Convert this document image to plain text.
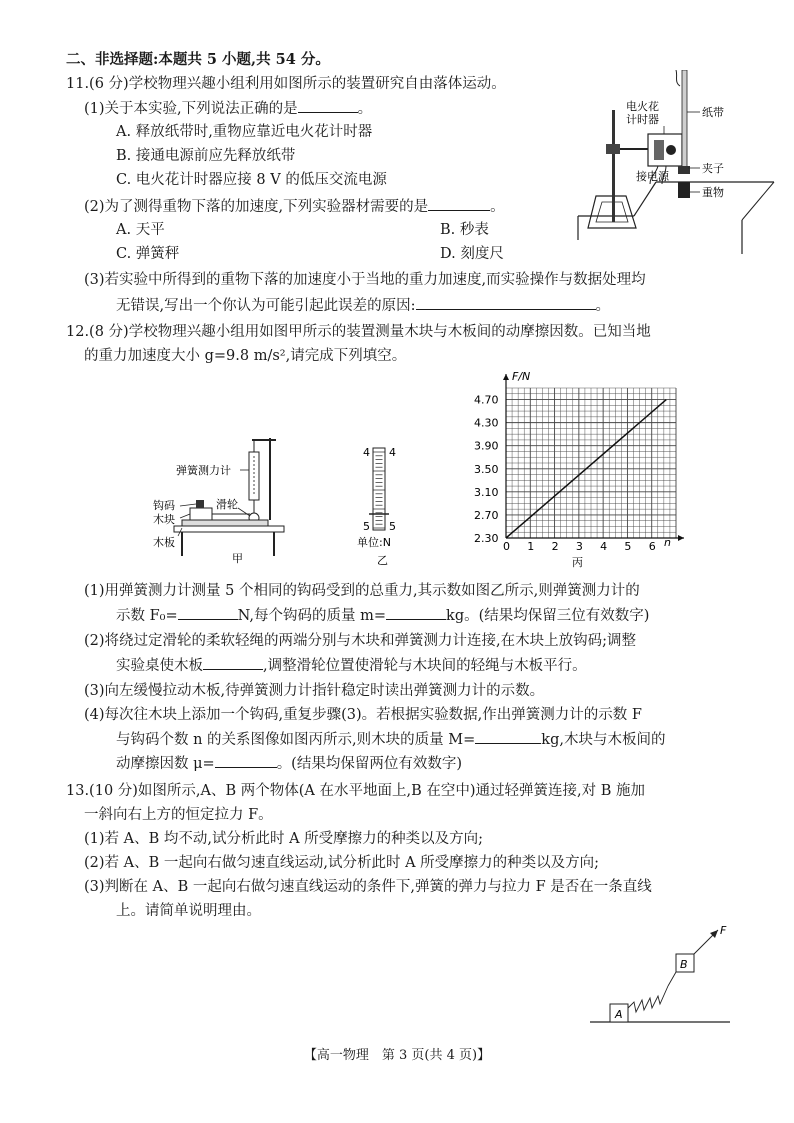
二、非选择题:本题共 5 小题,共 54 分。
11.(6 分)学校物理兴趣小组利用如图所示的装置研究自由落体运动。
(1)关于本实验,下列说法正确的是	。
A. 释放纸带时,重物应靠近电火花计时器
B. 接通电源前应先释放纸带
C. 电火花计时器应接 8 V 的低压交流电源
(2)为了测得重物下落的加速度,下列实验器材需要的是	。
A. 天平	B. 秒表
C. 弹簧秤	D. 刻度尺
(3)若实验中所得到的重物下落的加速度小于当地的重力加速度,而实验操作与数据处理均
无错误,写出一个你认为可能引起此误差的原因:	。
电火花
计时器
纸带
夹子
接电源
重物
12.(8 分)学校物理兴趣小组用如图甲所示的装置测量木块与木板间的动摩擦因数。已知当地
的重力加速度大小 g=9.8 m/s²,请完成下列填空。
弹簧测力计
钩码
木块
滑轮
木板
甲
4 4
5 5
单位:N
乙
0 1 2 3 4 5 6
2.30
2.70
3.10
3.50
3.90
4.30
4.70
F/N
n
丙
(1)用弹簧测力计测量 5 个相同的钩码受到的总重力,其示数如图乙所示,则弹簧测力计的
示数 F₀=	N,每个钩码的质量 m=	kg。(结果均保留三位有效数字)
(2)将绕过定滑轮的柔软轻绳的两端分别与木块和弹簧测力计连接,在木块上放钩码;调整
实验桌使木板	,调整滑轮位置使滑轮与木块间的轻绳与木板平行。
(3)向左缓慢拉动木板,待弹簧测力计指针稳定时读出弹簧测力计的示数。
(4)每次往木块上添加一个钩码,重复步骤(3)。若根据实验数据,作出弹簧测力计的示数 F
与钩码个数 n 的关系图像如图丙所示,则木块的质量 M=	kg,木块与木板间的
动摩擦因数 μ=	。(结果均保留两位有效数字)
13.(10 分)如图所示,A、B 两个物体(A 在水平地面上,B 在空中)通过轻弹簧连接,对 B 施加
一斜向右上方的恒定拉力 F。
(1)若 A、B 均不动,试分析此时 A 所受摩擦力的种类以及方向;
(2)若 A、B 一起向右做匀速直线运动,试分析此时 A 所受摩擦力的种类以及方向;
(3)判断在 A、B 一起向右做匀速直线运动的条件下,弹簧的弹力与拉力 F 是否在一条直线
上。请简单说明理由。
A
B
F
【高一物理　第 3 页(共 4 页)】
